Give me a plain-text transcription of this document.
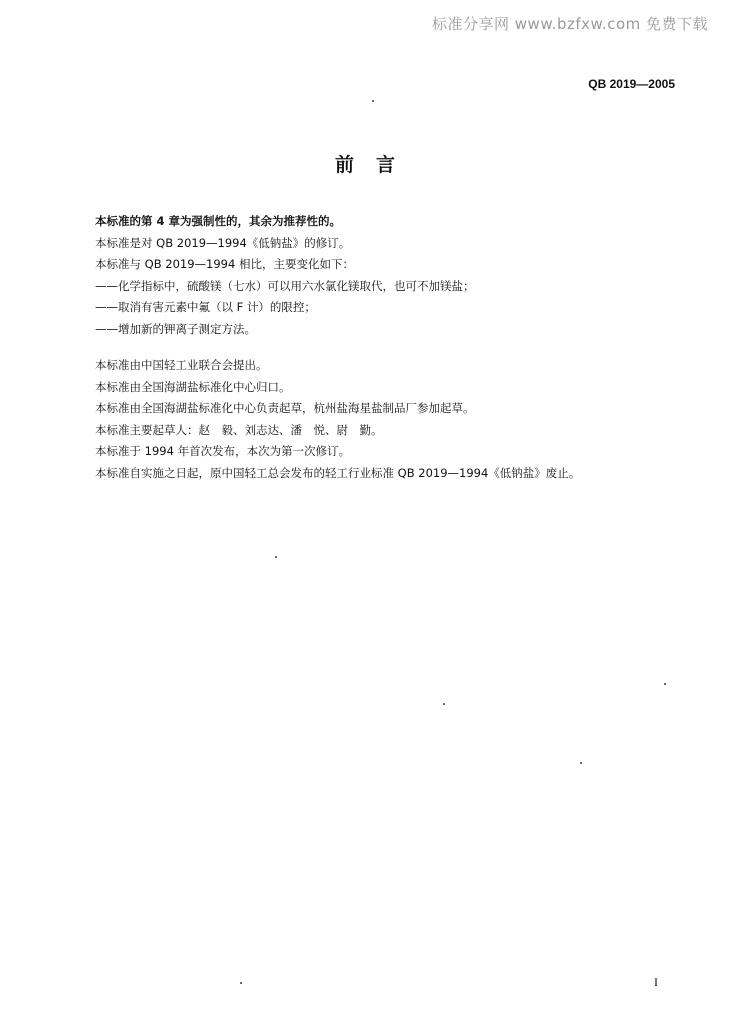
标准分享网 www.bzfxw.com 免费下载
QB 2019—2005
前言
本标准的第 4 章为强制性的，其余为推荐性的。
本标准是对 QB 2019—1994《低钠盐》的修订。
本标准与 QB 2019—1994 相比，主要变化如下：
——化学指标中，硫酸镁（七水）可以用六水氯化镁取代，也可不加镁盐；
——取消有害元素中氟（以 F 计）的限控；
——增加新的钾离子测定方法。
本标准由中国轻工业联合会提出。
本标准由全国海湖盐标准化中心归口。
本标准由全国海湖盐标准化中心负责起草，杭州盐海星盐制品厂参加起草。
本标准主要起草人：赵　毅、刘志达、潘　悦、尉　勤。
本标准于 1994 年首次发布，本次为第一次修订。
本标准自实施之日起，原中国轻工总会发布的轻工行业标准 QB 2019—1994《低钠盐》废止。
I
